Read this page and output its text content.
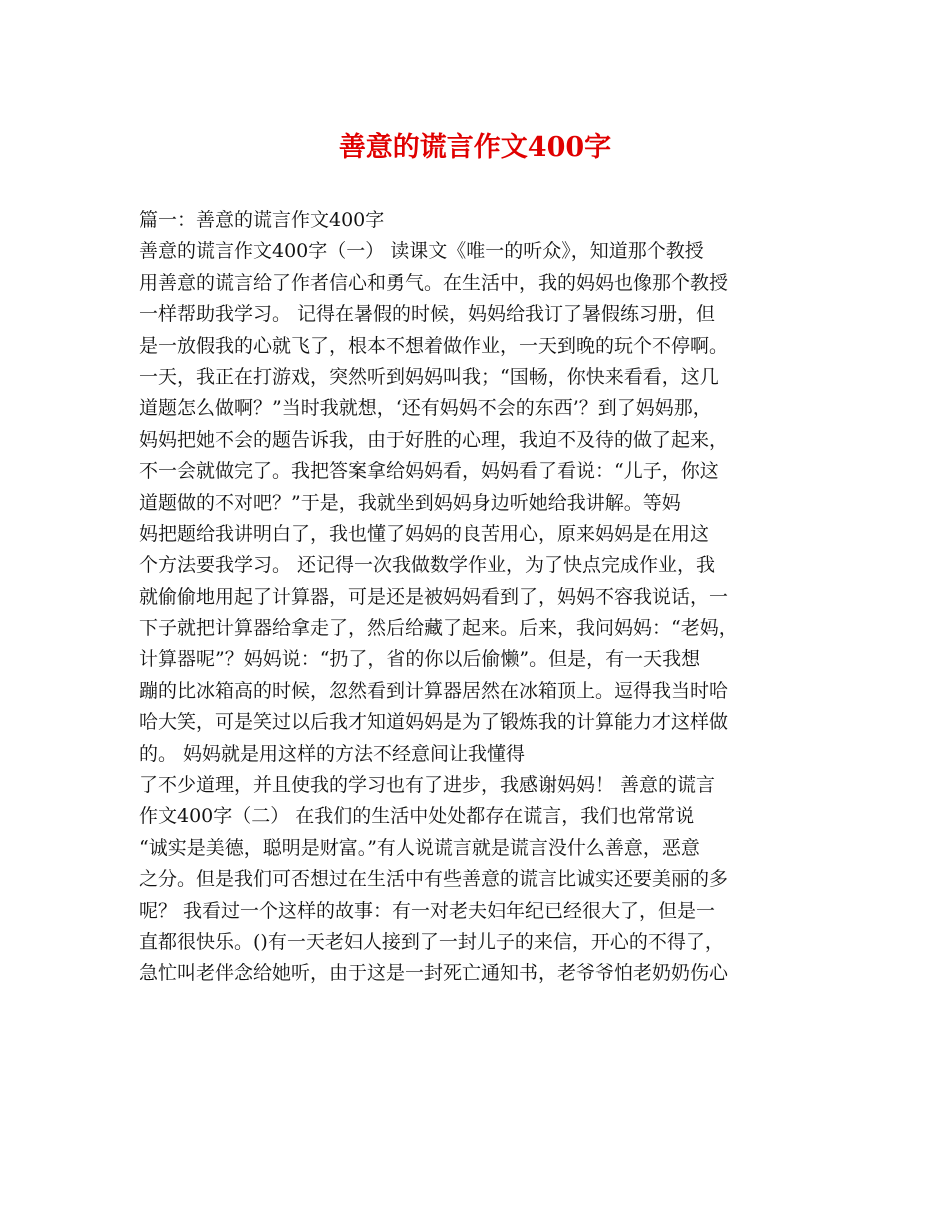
善意的谎言作文400字
篇一：善意的谎言作文400字
善意的谎言作文400字（一） 读课文《唯一的听众》，知道那个教授
用善意的谎言给了作者信心和勇气。在生活中，我的妈妈也像那个教授
一样帮助我学习。 记得在暑假的时候，妈妈给我订了暑假练习册，但
是一放假我的心就飞了，根本不想着做作业，一天到晚的玩个不停啊。
一天，我正在打游戏，突然听到妈妈叫我；“国畅，你快来看看，这几
道题怎么做啊？”当时我就想，‘还有妈妈不会的东西’？到了妈妈那，
妈妈把她不会的题告诉我，由于好胜的心理，我迫不及待的做了起来，
不一会就做完了。我把答案拿给妈妈看，妈妈看了看说：“儿子，你这
道题做的不对吧？”于是，我就坐到妈妈身边听她给我讲解。等妈
妈把题给我讲明白了，我也懂了妈妈的良苦用心，原来妈妈是在用这
个方法要我学习。 还记得一次我做数学作业，为了快点完成作业，我
就偷偷地用起了计算器，可是还是被妈妈看到了，妈妈不容我说话，一
下子就把计算器给拿走了，然后给藏了起来。后来，我问妈妈：“老妈，
计算器呢”？妈妈说：“扔了，省的你以后偷懒”。但是，有一天我想
蹦的比冰箱高的时候，忽然看到计算器居然在冰箱顶上。逗得我当时哈
哈大笑，可是笑过以后我才知道妈妈是为了锻炼我的计算能力才这样做
的。 妈妈就是用这样的方法不经意间让我懂得
了不少道理，并且使我的学习也有了进步，我感谢妈妈！ 善意的谎言
作文400字（二） 在我们的生活中处处都存在谎言，我们也常常说
“诚实是美德，聪明是财富。”有人说谎言就是谎言没什么善意，恶意
之分。但是我们可否想过在生活中有些善意的谎言比诚实还要美丽的多
呢？ 我看过一个这样的故事：有一对老夫妇年纪已经很大了，但是一
直都很快乐。()有一天老妇人接到了一封儿子的来信，开心的不得了，
急忙叫老伴念给她听，由于这是一封死亡通知书，老爷爷怕老奶奶伤心
